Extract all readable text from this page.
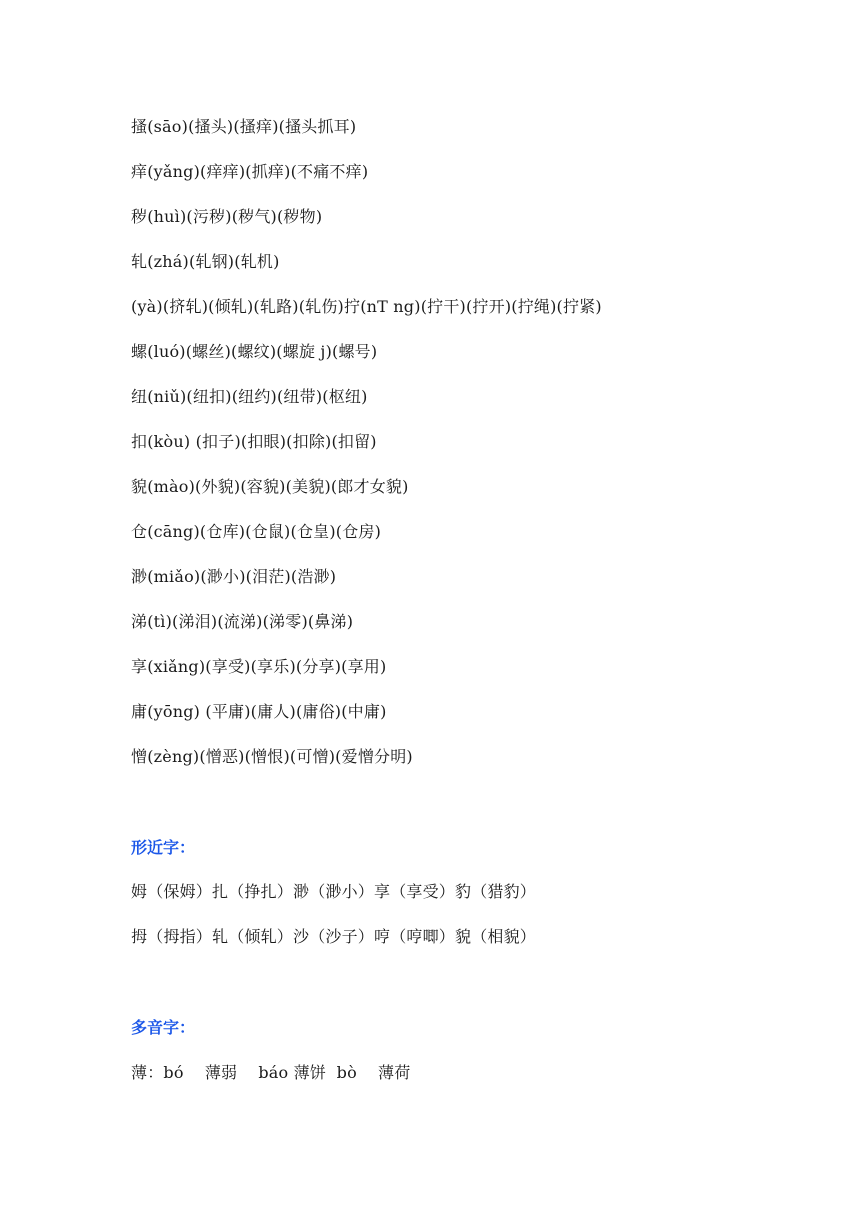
搔(sāo)(搔头)(搔痒)(搔头抓耳)
痒(yǎng)(痒痒)(抓痒)(不痛不痒)
秽(huì)(污秽)(秽气)(秽物)
轧(zhá)(轧钢)(轧机)
(yà)(挤轧)(倾轧)(轧路)(轧伤)拧(nT ng)(拧干)(拧开)(拧绳)(拧紧)
螺(luó)(螺丝)(螺纹)(螺旋 j)(螺号)
纽(niǔ)(纽扣)(纽约)(纽带)(枢纽)
扣(kòu) (扣子)(扣眼)(扣除)(扣留)
貌(mào)(外貌)(容貌)(美貌)(郎才女貌)
仓(cāng)(仓库)(仓鼠)(仓皇)(仓房)
渺(miǎo)(渺小)(泪茫)(浩渺)
涕(tì)(涕泪)(流涕)(涕零)(鼻涕)
享(xiǎng)(享受)(享乐)(分享)(享用)
庸(yōng) (平庸)(庸人)(庸俗)(中庸)
憎(zèng)(憎恶)(憎恨)(可憎)(爱憎分明)
形近字：
姆（保姆）扎（挣扎）渺（渺小）享（享受）豹（猎豹）
拇（拇指）轧（倾轧）沙（沙子）哼（哼唧）貌（相貌）
多音字：
薄：bó    薄弱    báo 薄饼  bò    薄荷
